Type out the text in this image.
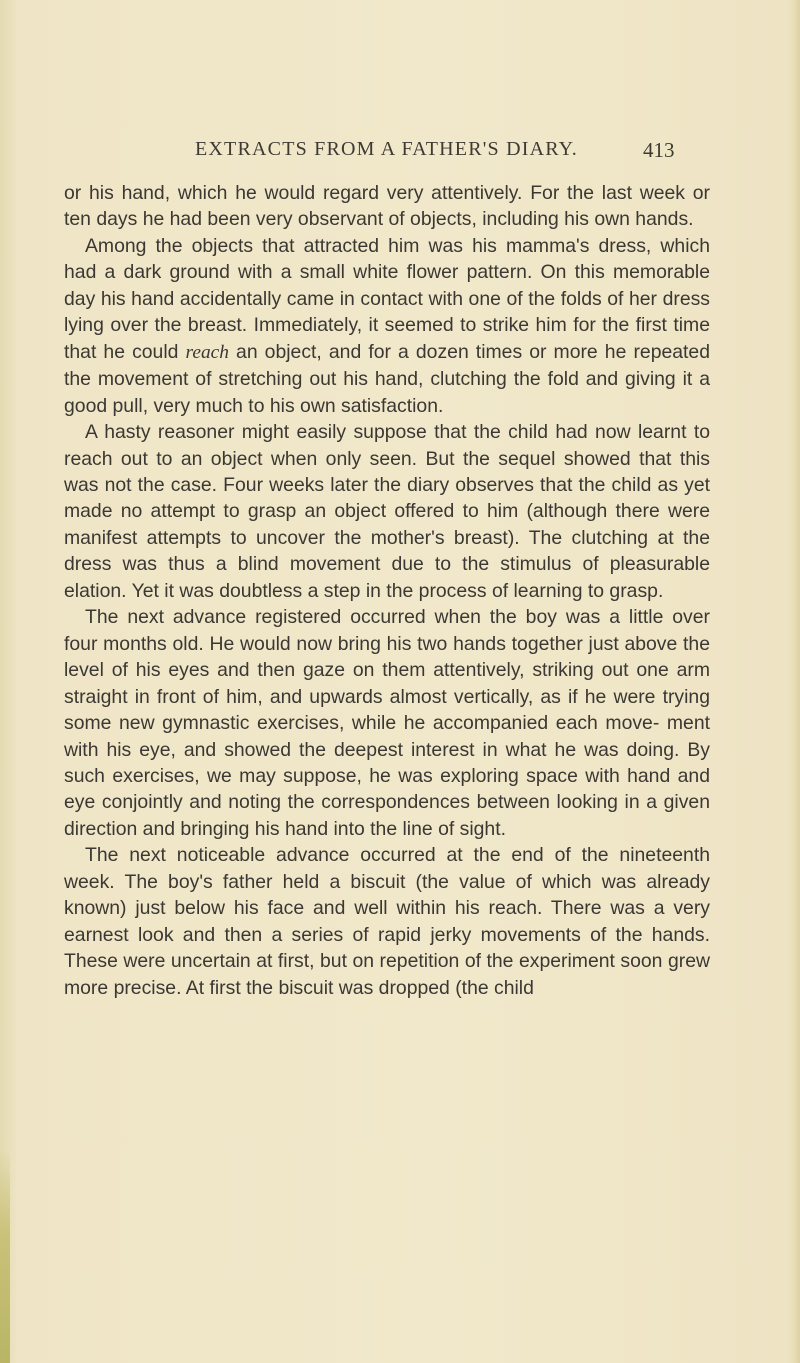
EXTRACTS FROM A FATHER'S DIARY.	413

or his hand, which he would regard very attentively. For the last week or ten days he had been very observant of objects, including his own hands.

Among the objects that attracted him was his mamma's dress, which had a dark ground with a small white flower pattern. On this memorable day his hand accidentally came in contact with one of the folds of her dress lying over the breast. Immediately, it seemed to strike him for the first time that he could reach an object, and for a dozen times or more he repeated the movement of stretching out his hand, clutching the fold and giving it a good pull, very much to his own satisfaction.

A hasty reasoner might easily suppose that the child had now learnt to reach out to an object when only seen. But the sequel showed that this was not the case. Four weeks later the diary observes that the child as yet made no attempt to grasp an object offered to him (although there were manifest attempts to uncover the mother's breast). The clutching at the dress was thus a blind movement due to the stimulus of pleasurable elation. Yet it was doubtless a step in the process of learning to grasp.

The next advance registered occurred when the boy was a little over four months old. He would now bring his two hands together just above the level of his eyes and then gaze on them attentively, striking out one arm straight in front of him, and upwards almost vertically, as if he were trying some new gymnastic exercises, while he accompanied each move- ment with his eye, and showed the deepest interest in what he was doing. By such exercises, we may suppose, he was exploring space with hand and eye conjointly and noting the correspondences between looking in a given direction and bringing his hand into the line of sight.

The next noticeable advance occurred at the end of the nineteenth week. The boy's father held a biscuit (the value of which was already known) just below his face and well within his reach. There was a very earnest look and then a series of rapid jerky movements of the hands. These were uncertain at first, but on repetition of the experiment soon grew more precise. At first the biscuit was dropped (the child
